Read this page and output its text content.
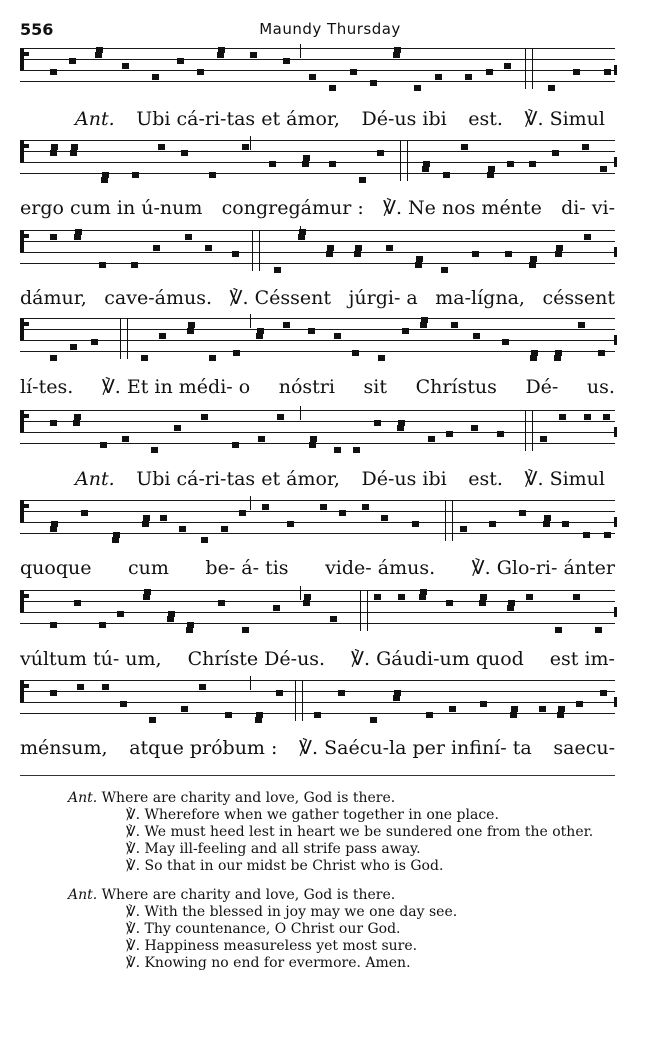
556	Maundy Thursday
Ant. Ubi cá-ri-tas et ámor, Dé-us ibi est. ℣. Simul
ergo cum in ú-num congregámur : ℣. Ne nos ménte di- vi-
dámur, cave-ámus. ℣. Céssent júrgi- a ma-lígna, céssent
lí-tes. ℣. Et in médi- o nóstri sit Chrístus Dé- us.
Ant. Ubi cá-ri-tas et ámor, Dé-us ibi est. ℣. Simul
quoque cum be- á- tis vide- ámus. ℣. Glo-ri- ánter
vúltum tú- um, Chríste Dé-us. ℣. Gáudi-um quod est im-
ménsum, atque próbum : ℣. Saécu-la per infiní- ta saecu-
Ant. Where are charity and love, God is there.
℣. Wherefore when we gather together in one place.
℣. We must heed lest in heart we be sundered one from the other.
℣. May ill-feeling and all strife pass away.
℣. So that in our midst be Christ who is God.
Ant. Where are charity and love, God is there.
℣. With the blessed in joy may we one day see.
℣. Thy countenance, O Christ our God.
℣. Happiness measureless yet most sure.
℣. Knowing no end for evermore. Amen.
